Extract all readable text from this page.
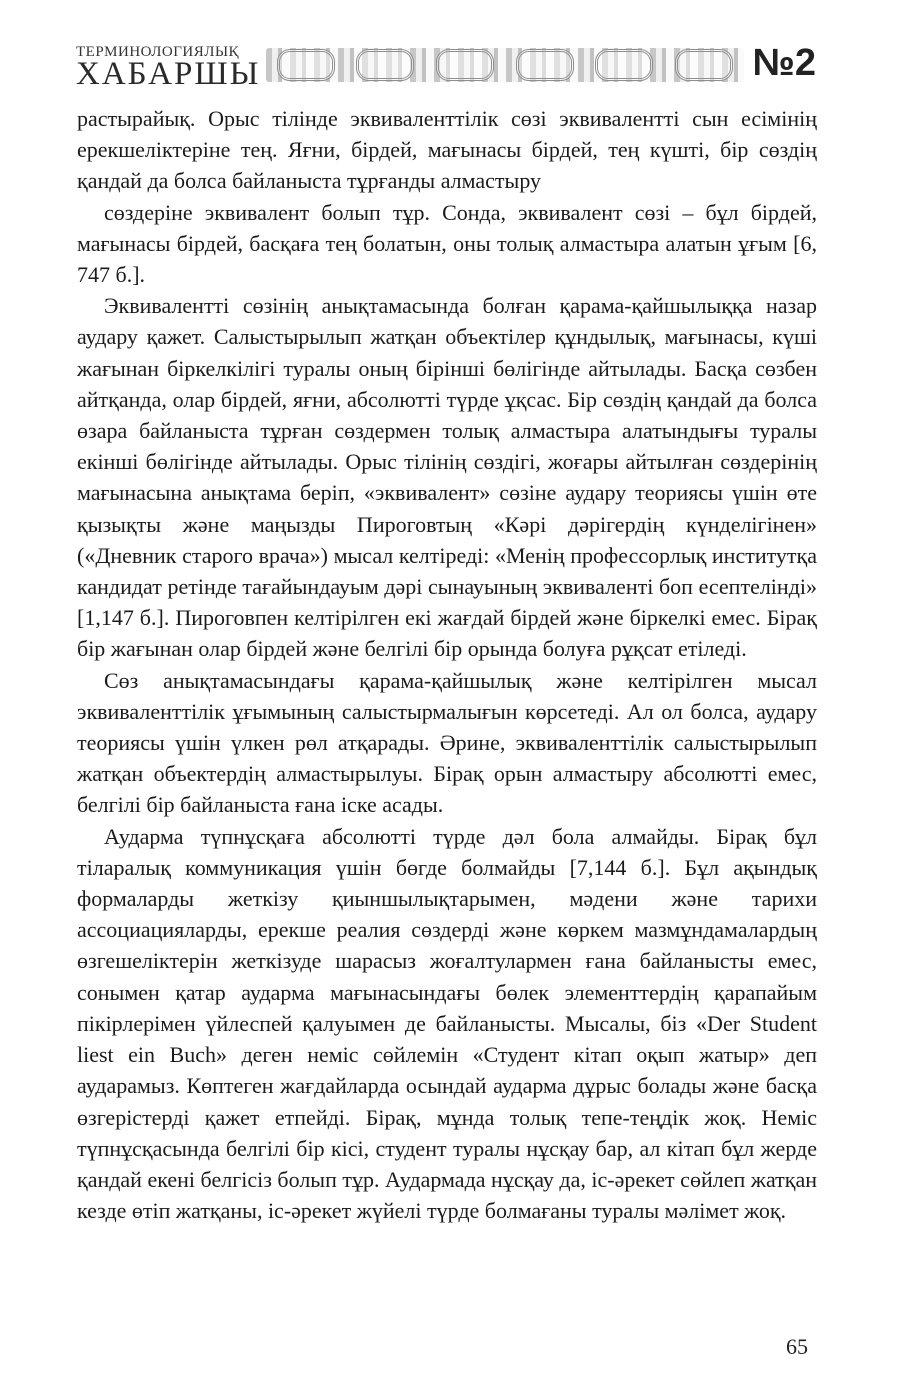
ТЕРМИНОЛОГИЯЛЫҚ
ХАБАРШЫ	№2

растырайық. Орыс тілінде эквиваленттілік сөзі эквивалентті сын есімінің ерекшеліктеріне тең. Яғни, бірдей, мағынасы бірдей, тең күшті, бір сөздің қандай да болса байланыста тұрғанды алмастыру

сөздеріне эквивалент болып тұр. Сонда, эквивалент сөзі – бұл бірдей, мағынасы бірдей, басқаға тең болатын, оны толық алмастыра алатын ұғым [6, 747 б.].

Эквивалентті сөзінің анықтамасында болған қарама-қайшылыққа назар аудару қажет. Салыстырылып жатқан объектілер құндылық, мағынасы, күші жағынан біркелкілігі туралы оның бірінші бөлігінде айтылады. Басқа сөзбен айтқанда, олар бірдей, яғни, абсолютті түрде ұқсас. Бір сөздің қандай да болса өзара байланыста тұрған сөздермен толық алмастыра алатындығы туралы екінші бөлігінде айтылады. Орыс тілінің сөздігі, жоғары айтылған сөздерінің мағынасына анықтама беріп, «эквивалент» сөзіне аудару теориясы үшін өте қызықты және маңызды Пироговтың «Кәрі дәрігердің күнделігінен» («Дневник старого врача») мысал келтіреді: «Менің профессорлық институтқа кандидат ретінде тағайындауым дәрі сынауының эквиваленті боп есептелінді» [1,147 б.]. Пироговпен келтірілген екі жағдай бірдей және біркелкі емес. Бірақ бір жағынан олар бірдей және белгілі бір орында болуға рұқсат етіледі.

Сөз анықтамасындағы қарама-қайшылық және келтірілген мысал эквиваленттілік ұғымының салыстырмалығын көрсетеді. Ал ол болса, аудару теориясы үшін үлкен рөл атқарады. Әрине, эквиваленттілік салыстырылып жатқан объектердің алмастырылуы. Бірақ орын алмастыру абсолютті емес, белгілі бір байланыста ғана іске асады.

Аударма түпнұсқаға абсолютті түрде дәл бола алмайды. Бірақ бұл тіларалық коммуникация үшін бөгде болмайды [7,144 б.]. Бұл ақындық формаларды жеткізу қиыншылықтарымен, мәдени және тарихи ассоциацияларды, ерекше реалия сөздерді және көркем мазмұндамалардың өзгешеліктерін жеткізуде шарасыз жоғалтулармен ғана байланысты емес, сонымен қатар аударма мағынасындағы бөлек элементтердің қарапайым пікірлерімен үйлеспей қалуымен де байланысты. Мысалы, біз «Der Student liest ein Buch» деген неміс сөйлемін «Студент кітап оқып жатыр» деп аударамыз. Көптеген жағдайларда осындай аударма дұрыс болады және басқа өзгерістерді қажет етпейді. Бірақ, мұнда толық тепе-теңдік жоқ. Неміс түпнұсқасында белгілі бір кісі, студент туралы нұсқау бар, ал кітап бұл жерде қандай екені белгісіз болып тұр. Аудармада нұсқау да, іс-әрекет сөйлеп жатқан кезде өтіп жатқаны, іс-әрекет жүйелі түрде болмағаны туралы мәлімет жоқ.

65
